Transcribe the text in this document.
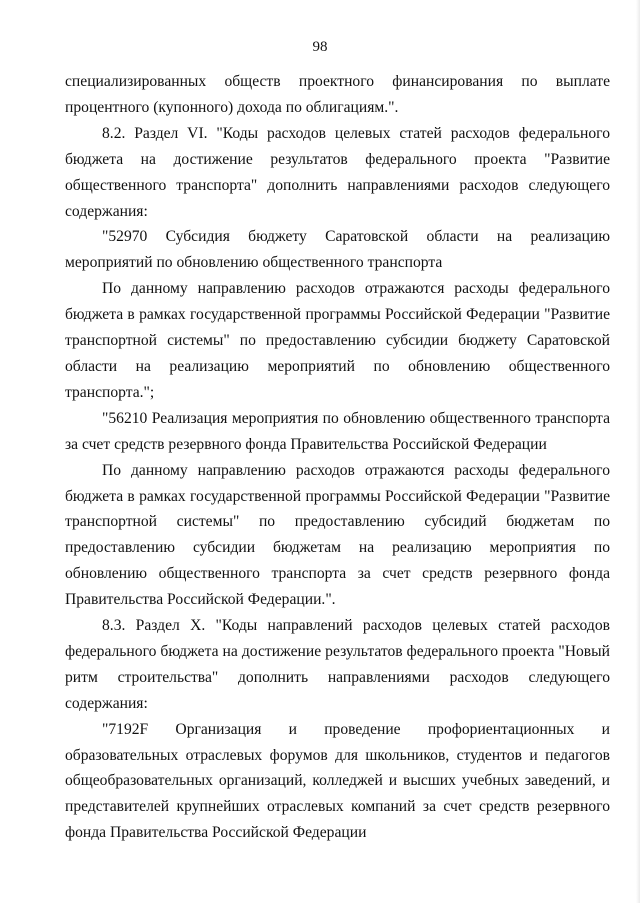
98

специализированных обществ проектного финансирования по выплате процентного (купонного) дохода по облигациям.".

8.2. Раздел VI. "Коды расходов целевых статей расходов федерального бюджета на достижение результатов федерального проекта "Развитие общественного транспорта" дополнить направлениями расходов следующего содержания:

"52970 Субсидия бюджету Саратовской области на реализацию мероприятий по обновлению общественного транспорта

По данному направлению расходов отражаются расходы федерального бюджета в рамках государственной программы Российской Федерации "Развитие транспортной системы" по предоставлению субсидии бюджету Саратовской области на реализацию мероприятий по обновлению общественного транспорта.";

"56210 Реализация мероприятия по обновлению общественного транспорта за счет средств резервного фонда Правительства Российской Федерации

По данному направлению расходов отражаются расходы федерального бюджета в рамках государственной программы Российской Федерации "Развитие транспортной системы" по предоставлению субсидий бюджетам по предоставлению субсидии бюджетам на реализацию мероприятия по обновлению общественного транспорта за счет средств резервного фонда Правительства Российской Федерации.".

8.3. Раздел X. "Коды направлений расходов целевых статей расходов федерального бюджета на достижение результатов федерального проекта "Новый ритм строительства" дополнить направлениями расходов следующего содержания:

"7192F Организация и проведение профориентационных и образовательных отраслевых форумов для школьников, студентов и педагогов общеобразовательных организаций, колледжей и высших учебных заведений, и представителей крупнейших отраслевых компаний за счет средств резервного фонда Правительства Российской Федерации
